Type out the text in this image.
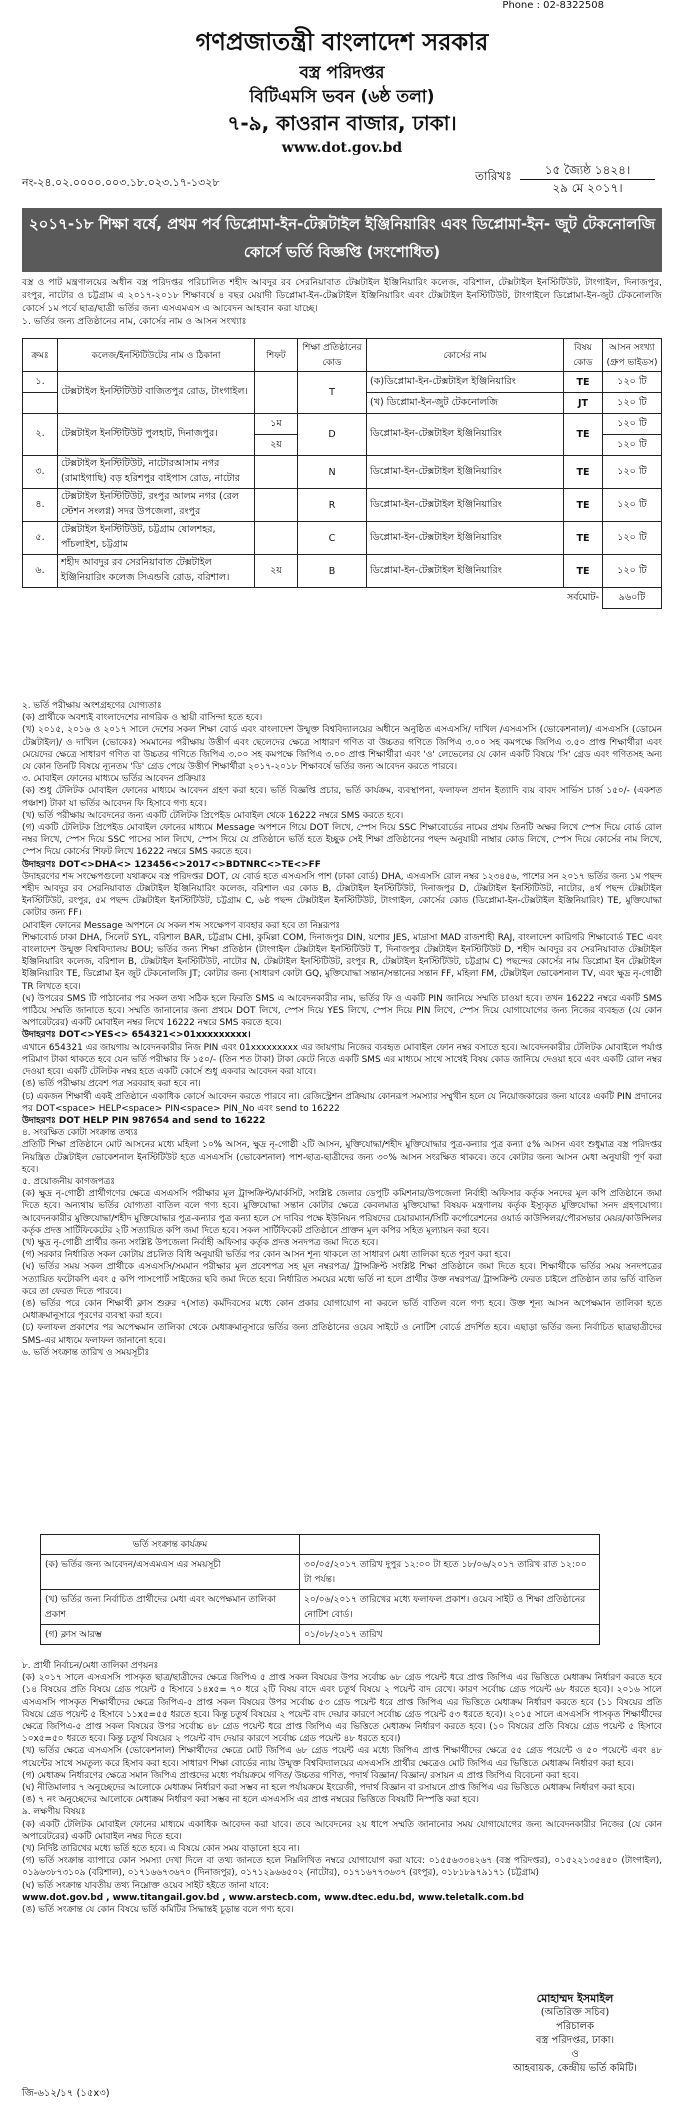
Phone : 02-8322508
গণপ্রজাতন্ত্রী বাংলাদেশ সরকার
বস্ত্র পরিদপ্তর
বিটিএমসি ভবন (৬ষ্ঠ তলা)
৭-৯, কাওরান বাজার, ঢাকা।
www.dot.gov.bd
নং-২৪.০২.০০০০.০০৩.১৮.০২৩.১৭-১৩২৮	তারিখঃ	১৫ জ্যৈষ্ঠ ১৪২৪।
২৯ মে ২০১৭।
২০১৭-১৮ শিক্ষা বর্ষে, প্রথম পর্ব ডিপ্লোমা-ইন-টেক্সটাইল ইঞ্জিনিয়ারিং এবং ডিপ্লোমা-ইন- জুট টেকনোলজি কোর্সে ভর্তি বিজ্ঞপ্তি (সংশোধিত)
বস্ত্র ও পাট মন্ত্রণালয়ের অধীন বস্ত্র পরিদপ্তর পরিচালিত শহীদ আবদুর রব সেরনিয়াবাত টেক্সটাইল ইঞ্জিনিয়ারিং কলেজ, বরিশাল, টেক্সটাইল ইনস্টিটিউট, টাংগাইল, দিনাজপুর, রংপুর, নাটোর ও চট্টগ্রাম এ ২০১৭-২০১৮ শিক্ষাবর্ষে ৪ বছর মেয়াদী ডিপ্লোমা-ইন-টেক্সটাইল ইঞ্জিনিয়ারিং এবং টেক্সটাইল ইনস্টিটিউট, টাংগাইলে ডিপ্লোমা-ইন-জুট টেকনোলজি কোর্সে ১ম পর্বে ছাত্র/ছাত্রী ভর্তির জন্য এসএমএস এ আবেদন আহবান করা যাচ্ছে।
১. ভর্তির জন্য প্রতিষ্ঠানের নাম, কোর্সের নাম ও আসন সংখ্যাঃ
ক্রমঃ	কলেজ/ইনস্টিটিউটের নাম ও ঠিকানা	শিফট	শিক্ষা প্রতিষ্ঠানের কোড	কোর্সের নাম	বিষয় কোড	আসন সংখ্যা (গ্রুপ ভাইডস)
১.	টেক্সটাইল ইনস্টিটিউট বাজিতপুর রোড, টাংগাইল।		T	(ক)ডিপ্লোমা-ইন-টেক্সটাইল ইঞ্জিনিয়ারিং	TE	১২০ টি
				(খ) ডিপ্লোমা-ইন-জুট টেকনোলজি	JT	১২০ টি
২.	টেক্সটাইল ইনস্টিটিউট পুলহাট, দিনাজপুর।	১ম	D	ডিপ্লোমা-ইন-টেক্সটাইল ইঞ্জিনিয়ারিং	TE	১২০ টি
		২য়				১২০ টি
৩.	টেক্সটাইল ইনস্টিটিউট, নাটোরআসাম নগর (রামাইগাছি) বড় হরিশপুর বাইপাস রোড, নাটোর		N	ডিপ্লোমা-ইন-টেক্সটাইল ইঞ্জিনিয়ারিং	TE	১২০ টি
৪.	টেক্সটাইল ইনস্টিটিউট, রংপুর আলম নগর (রেল স্টেশন সংলগ্ন) সদর উপজেলা, রংপুর		R	ডিপ্লোমা-ইন-টেক্সটাইল ইঞ্জিনিয়ারিং	TE	১২০ টি
৫.	টেক্সটাইল ইনস্টিটিউট, চট্টগ্রাম ষোলশহর, পাঁচলাইশ, চট্টগ্রাম		C	ডিপ্লোমা-ইন-টেক্সটাইল ইঞ্জিনিয়ারিং	TE	১২০ টি
৬.	শহীদ আবদুর রব সেরনিয়াবাত টেক্সটাইল ইঞ্জিনিয়ারিং কলেজ সিএন্ডবি রোড, বরিশাল।	২য়	B	ডিপ্লোমা-ইন-টেক্সটাইল ইঞ্জিনিয়ারিং	TE	১২০ টি
সর্বমোট-						৯৬০টি

২. ভর্তি পরীক্ষায় অংশগ্রহণের যোগ্যতাঃ

(ক) প্রার্থীকে অবশ্যই বাংলাদেশের নাগরিক ও স্থায়ী বাসিন্দা হতে হবে।

(খ) ২০১৫, ২০১৬ ও ২০১৭ সালে দেশের সকল শিক্ষা বোর্ড এবং বাংলাদেশ উন্মুক্ত বিশ্ববিদ্যালয়ের অধীনে অনুষ্ঠিত এসএসসি/ দাখিল /এসএসসি (ভোকেশনাল)/ এসএসসি (ডোমেন টেক্সটাইল)/ ও দাখিল (ভোকেঃ) সমমানের পরীক্ষায় উত্তীর্ণ এবং ছেলেদের ক্ষেত্রে সাধারণ গণিত বা উচ্চতর গণিতে জিপিএ ৩.০০ সহ কমপক্ষে জিপিএ ৩.৫০ প্রাপ্ত শিক্ষার্থীরা এবং মেয়েদের ক্ষেত্রে সাধারণ গণিত বা উচ্চতর গণিতে জিপিএ ৩.০০ সহ কমপক্ষে জিপিএ ৩.০০ প্রাপ্ত শিক্ষার্থীরা এবং 'ও' লেভেলের যে কোন একটি বিষয়ে 'সি' গ্রেড এবং গণিতসহ অন্য যে কোন তিনটি বিষয়ে ন্যূনতম 'ডি' গ্রেড পেয়ে উত্তীর্ণ শিক্ষার্থীরা ২০১৭-২০১৮ শিক্ষাবর্ষে ভর্তির জন্য আবেদন করতে পারবে।

৩. মোবাইল ফোনের মাধ্যমে ভর্তির আবেদন প্রক্রিয়াঃ

(ক) শুধু টেলিটক মোবাইল ফোনের মাধ্যমে আবেদন গ্রহণ করা হবে। ভর্তি বিজ্ঞপ্তি প্রচার, ভর্তি কার্যক্রম, ব্যবস্থাপনা, ফলাফল প্রদান ইত্যাদি ব্যয় বাবদ সার্ভিস চার্জ ১৫০/- (একশত পঞ্চাশ) টাকা যা ভর্তির আবেদন ফি হিসাবে গণ্য হবে।

(খ) ভর্তি পরীক্ষায় আবেদনের জন্য একটি টেলিটক প্রিপেইড মোবাইল থেকে 16222 নম্বরে SMS করতে হবে।

(গ) একটি টেলিটক প্রিপেইড মোবাইল ফোনের মাধ্যমে Message অপশনে গিয়ে DOT লিখে, স্পেস দিয়ে SSC শিক্ষাবোর্ডের নামের প্রথম তিনটি অক্ষর লিখে স্পেস দিয়ে বোর্ড রোল নম্বর লিখে, স্পেস দিয়ে SSC পাসের সাল লিখে, স্পেস দিয়ে যে প্রতিষ্ঠানে ভর্তি হতে ইচ্ছুক সেই শিক্ষা প্রতিষ্ঠানের পছন্দ অনুযায়ী নাম্বার কোড লিখে, স্পেস দিয়ে কোর্সের নাম লিখে, স্পেস দিয়ে কোর্সের শিফট লিখে 16222 নম্বরে SMS করতে হবে।

উদাহরণঃ DOT<>DHA<> 123456<>2017<>BDTNRC<>TE<>FF

উদাহরণের শব্দ সংক্ষেপগুলো যথাক্রমে বস্ত্র পরিদপ্তর DOT, যে বোর্ড হতে এসএসসি পাশ (ঢাকা বোর্ড) DHA, এসএসসি রোল নম্বর ১২৩৪৫৬, পাশের সন ২০১৭ ভর্তির জন্য ১ম পছন্দ শহীদ আবদুর রব সেরনিয়াবাত টেক্সটাইল ইঞ্জিনিয়ারিং কলেজ, বরিশাল এর কোড B, টেক্সটাইল ইনস্টিটিউট, দিনাজপুর D, টেক্সটাইল ইনস্টিটিউট, নাটোর, ৪র্থ পছন্দ টেক্সটাইল ইনস্টিটিউট, রংপুর, ৫ম পছন্দ টেক্সটাইল ইনস্টিটিউট, চট্টগ্রাম C, ৬ষ্ঠ পছন্দ টেক্সটাইল ইনস্টিটিউট, টাংগাইল, কোর্সের কোড (ডিপ্লোমা-ইন-টেক্সটাইল ইঞ্জিনিয়ারিং) TE, মুক্তিযোদ্ধা কোটার জন্য FF।

মোবাইল ফোনের Message অপশনে যে সকল শব্দ সংক্ষেপণ ব্যবহার করা হবে তা নিম্নরূপঃ

শিক্ষাবোর্ড ঢাকা DHA, সিলেট SYL, বরিশাল BAR, চট্টগ্রাম CHI, কুমিল্লা COM, দিনাজপুর DIN, যশোর JES, মাদ্রাসা MAD রাজশাহী RAJ, বাংলাদেশ কারিগরি শিক্ষাবোর্ড TEC এবং বাংলাদেশ উন্মুক্ত বিশ্ববিদ্যালয় BOU; ভর্তির জন্য শিক্ষা প্রতিষ্ঠান (টাংগাইল টেক্সটাইল ইনস্টিটিউট T, দিনাজপুর টেক্সটাইল ইনস্টিটিউট D, শহীদ আবদুর রব সেরনিয়াবাত টেক্সটাইল ইঞ্জিনিয়ারিং কলেজ, বরিশাল B, টেক্সটাইল ইনস্টিটিউট, নাটোর N, টেক্সটাইল ইনস্টিটিউট, রংপুর R, টেক্সটাইল ইনস্টিটিউট, চট্টগ্রাম C) পছন্দের কোর্সের নাম ডিপ্লোমা ইন টেক্সটাইল ইঞ্জিনিয়ারিং TE, ডিপ্লোমা ইন জুট টেকনোলজি JT; কোটার জন্য (সাধারণ কোটা GQ, মুক্তিযোদ্ধা সন্তান/সন্তানের সন্তান FF, মহিলা FM, টেক্সটাইল ভোকেশনাল TV, এবং ক্ষুদ্র নৃ-গোষ্ঠী TR লিখতে হবে।

(ঘ) উপরের SMS টি পাঠানোর পর সকল তথ্য সঠিক হলে ফিরতি SMS এ আবেদনকারীর নাম, ভর্তির ফি ও একটি PIN জানিয়ে সম্মতি চাওয়া হবে। তখন 16222 নম্বরে একটি SMS পাঠিয়ে সম্মতি জানাতে হবে। সম্মতি জানানোর জন্য প্রথমে DOT লিখে, স্পেস দিয়ে YES লিখে, স্পেস দিয়ে PIN লিখে, স্পেস দিয়ে যোগাযোগের জন্য নিজের ব্যবহৃত (যে কোন অপারেটরের) একটি মোবাইল নম্বর লিখে 16222 নম্বরে SMS করতে হবে।

উদাহরণঃ DOT<>YES<> 654321<>01xxxxxxxxx।

এখানে 654321 এর জায়গায় আবেদনকারীর নিজ PIN এবং 01xxxxxxxxx এর জায়গায় নিজের ব্যবহৃত মোবাইল ফোন নম্বর বসাতে হবে। আবেদনকারীর টেলিটক মোবাইলে পর্যাপ্ত পরিমাণ টাকা থাকতে হবে যেন ভর্তি পরীক্ষার ফি ১৫০/- (তিন শত টাকা) টাকা কেটে নিতে একটি SMS এর মাধ্যমে সাথে সাথেই বিষয় কোড জানিয়ে দেওয়া হবে এবং একটি রোল নম্বর দেওয়া হবে। একটি টেলিটক নম্বর হতে একটি কোর্সে শুধু একবার আবেদন করা যাবে।

(ঙ) ভর্তি পরীক্ষায় প্রবেশ পত্র সরবরাহ করা হবে না।

(চ) একজন শিক্ষার্থী একই প্রতিষ্ঠানে একাধিক কোর্সে আবেদন করতে পারবে না। রেজিস্ট্রেশন প্রক্রিয়ায় কোনরূপ সমস্যার সম্মুখীন হলে যে নিয়োজকারের জন্য যাবেঃ একটি PIN প্রদানের পর DOT<space> HELP<space> PIN<space> PIN_No এবং send to 16222

উদাহরণঃ DOT HELP PIN 987654 and send to 16222

৪. সংরক্ষিত কোটা সংক্রান্ত তথ্যঃ

প্রতিটি শিক্ষা প্রতিষ্ঠানে মোট আসনের মধ্যে মহিলা ১০% আসন, ক্ষুদ্র নৃ-গোষ্ঠী ২টি আসন, মুক্তিযোদ্ধা/শহীদ মুক্তিযোদ্ধার পুত্র-কন্যার পুত্র কন্যা ৫% আসন এবং শুধুমাত্র বস্ত্র পরিদপ্তর নিয়ন্ত্রিত টেক্সটাইল ভোকেশনাল ইনস্টিটিউট হতে এসএসসি (ভোকেশনাল) পাশ-ছাত্র-ছাত্রীদের জন্য ৩০% আসন সংরক্ষিত থাকবে। তবে কোটার জন্য আসন মেধা অনুযায়ী পূর্ণ করা হবে।

৫. প্রয়োজনীয় কাগজপত্রঃ

(ক) ক্ষুদ্র নৃ-গোষ্ঠী প্রার্থীগণের ক্ষেত্রে এসএসসি পরীক্ষার মূল ট্রান্সক্রিপ্ট/মার্কসিট, সংশ্লিষ্ট জেলার ডেপুটি কমিশনার/উপজেলা নির্বাহী অফিসার কর্তৃক সনদের মূল কপি প্রতিষ্ঠানে জমা দিতে হবে। অন্যথায় ভর্তির যোগ্যতা বাতিল বলে গণ্য হবে। মুক্তিযোদ্ধা সন্তান কোটার ক্ষেত্রে কেবলমাত্র মুক্তিযোদ্ধা বিষয়ক মন্ত্রণালয় কর্তৃক ইস্যুকৃত মুক্তিযোদ্ধা সনদ গ্রহণযোগ্য। আবেদনকারীর মুক্তিযোদ্ধা/শহীদ মুক্তিযোদ্ধার পুত্র-কন্যার পুত্র কন্যা হলে সে দাবির পক্ষে ইউনিয়ন পরিষদের চেয়ারম্যান/সিটি কর্পোরেশনের ওয়ার্ড কাউন্সিলর/পৌরসভার মেয়র/কাউন্সিলর কর্তৃক প্রদত্ত সার্টিফিকেটের ২টি সত্যায়িত কপি জমা দিতে হবে। সকল সার্টিফিকেট প্রতিষ্ঠানে প্রাক্তন মূল কপির সহিত মূল্যায়ন করা হবে।

(খ) ক্ষুদ্র নৃ-গোষ্ঠী প্রার্থীর জন্য সংশ্লিষ্ট উপজেলা নির্বাহী অফিসার কর্তৃক প্রদত্ত সনদপত্র জমা দিতে হবে।

(গ) সরকার নির্ধারিত সকল কোটায় প্রচলিত বিধি অনুযায়ী ভর্তির পর কোন আসন শূন্য থাকলে তা সাধারণ মেধা তালিকা হতে পূরণ করা হবে।

(ঘ) ভর্তির সময় সকল প্রার্থীকে এসএসসি/সমমান পরীক্ষার মূল প্রবেশপত্র সহ মূল নম্বরপত্র/ ট্রান্সক্রিপ্ট সংশ্লিষ্ট শিক্ষা প্রতিষ্ঠানে জমা দিতে হবে। শিক্ষার্থীকে ভর্তির সময় সনদপত্রের সত্যায়িত ফটোকপি এবং ৫ কপি পাসপোর্ট সাইজের ছবি জমা দিতে হবে। নির্ধারিত সময়ের মধ্যে ভর্তি না হলে প্রার্থীর উক্ত নম্বরপত্র/ ট্রান্সক্রিপ্ট ফেরত চাইলে প্রতিষ্ঠান তার ভর্তি বাতিল করে তা ফেরত দিতে পারবে।

(ঙ) ভর্তির পরে কোন শিক্ষার্থী ক্লাস শুরুর ৭(সাত) কর্মদিবসের মধ্যে কোন প্রকার যোগাযোগ না করলে ভর্তি বাতিল বলে গণ্য হবে। উক্ত শূন্য আসন অপেক্ষমান তালিকা হতে মেধাক্রমানুসারে পূরণের ব্যবস্থা করা হবে।

(চ) ফলাফল প্রকাশের পর অপেক্ষমান তালিকা থেকে মেধাক্রমানুসারে ভর্তির জন্য প্রতিষ্ঠানের ওয়েব সাইটে ও নোটিশ বোর্ডে প্রদর্শিত হবে। এছাড়া ভর্তির জন্য নির্বাচিত ছাত্রছাত্রীদের SMS-এর মাধ্যমে ফলাফল জানানো হবে।

৬. ভর্তি সংক্রান্ত তারিখ ও সময়সূচীঃ

ভর্তি সংক্রান্ত কার্যক্রম	
(ক) ভর্তির জন্য আবেদন/এসএমএস এর সময়সূচী	৩০/০৫/২০১৭ তারিখ দুপুর ১২:০০ টা হতে ১৮/০৬/২০১৭ তারিখ রাত ১২:০০ টা পর্যন্ত।
(খ) ভর্তির জন্য নির্বাচিত প্রার্থীদের মেধা এবং অপেক্ষমান তালিকা প্রকাশ	২০/০৬/২০১৭ তারিখের মধ্যে ফলাফল প্রকাশ। ওয়েব সাইট ও শিক্ষা প্রতিষ্ঠানের নোটিশ বোর্ড।
(গ) ক্লাস আরম্ভ	০১/০৮/২০১৭ তারিখ

৮. প্রার্থী নির্বাচন/মেধা তালিকা প্রণয়নঃ

(ক) ২০১৭ সালে এসএসসি পাসকৃত ছাত্র/ছাত্রীদের ক্ষেত্রে জিপিএ ৫ প্রাপ্ত সকল বিষয়ের উপর সর্বোচ্চ ৬৮ গ্রেড পয়েন্ট ধরে প্রাপ্ত জিপিএ এর ভিত্তিতে মেধাক্রম নির্ধারণ করতে হবে (১৪ বিষয়ের প্রতি বিষয়ে গ্রেড পয়েন্ট ৫ হিসাবে ১৪x৫= ৭০ ধরে ২টি বিষয় বাদে এবং চতুর্থ বিষয়ে ২ পয়েন্ট বাদ রেখে। কারণ সর্বোচ্চ গ্রেড পয়েন্ট ৬৮ ধরতে হবে)। ২০১৬ সালে এসএসসি পাসকৃত শিক্ষার্থীদের ক্ষেত্রে জিপিএ-৫ প্রাপ্ত সকল বিষয়ের উপর সর্বোচ্চ ৫৩ গ্রেড পয়েন্ট ধরে প্রাপ্ত জিপিএ এর ভিত্তিতে মেধাক্রম নির্ধারণ করতে হবে (১১ বিষয়ের প্রতি বিষয়ে গ্রেড পয়েন্ট ৫ হিসাবে ১১x৫=৫৫ ধরতে হবে। কিন্তু চতুর্থ বিষয়ের ২ পয়েন্ট বাদ দেয়ার কারণে সর্বোচ্চ গ্রেড পয়েন্ট ৫৩ ধরতে হবে)। ২০১৫ সালে এসএসসি পাসকৃত শিক্ষার্থীদের ক্ষেত্রে জিপিএ-৫ প্রাপ্ত সকল বিষয়ের উপর সর্বোচ্চ ৪৮ গ্রেড পয়েন্ট ধরে প্রাপ্ত জিপিএ এর ভিত্তিতে মেধাক্রম নির্ধারণ করতে হবে। (১০ বিষয়ের প্রতি বিষয়ে গ্রেড পয়েন্ট ৫ হিসাবে ১০x৫=৫০ ধরতে হবে। কিন্তু চতুর্থ বিষয়ের ২ পয়েন্ট বাদ দেয়ার কারণে সর্বোচ্চ গ্রেড পয়েন্ট ৪৮ ধরতে হবে।)

(খ) ভর্তির ক্ষেত্রে এসএসসি (ভোকেশনাল) শিক্ষার্থীদের ক্ষেত্রে মোট জিপিএ ৬৮ গ্রেড পয়েন্ট এর মধ্যে জিপিএ প্রাপ্ত শিক্ষার্থীদের ক্ষেত্রে ৫৫ গ্রেড পয়েন্টে ও ৫০ পয়েন্টে এবং ৪৮ পয়েন্টের সাথে সমতুল্য করে হিসাব করা হবে। সাধারণ শিক্ষা বোর্ডের ন্যায় উন্মুক্ত বিশ্ববিদ্যালয়ের এসএসসি প্রার্থীর ক্ষেত্রেও মোট জিপিএ এর ভিত্তিতে মেধাক্রম নির্ধারণ করা হবে।

(গ) মেধাক্রম নির্ধারণের ক্ষেত্রে সমান জিপিএ প্রাপ্তদের মধ্যে পর্যায়ক্রমে গণিত/ উচ্চতর গণিত, পদার্থ বিজ্ঞান/ বিজ্ঞান/ রসায়ন এ প্রাপ্ত জিপিএ বিবেচনা করা হবে।

(ঘ) নীতিমালার ৭ অনুচ্ছেদের আলোকে মেধাক্রম নির্ধারণ করা সম্ভব না হলে পর্যায়ক্রমে ইংরেজী, পদার্থ বিজ্ঞান বা রসায়নে প্রাপ্ত জিপিএ এর ভিত্তিতে মেধাক্রম নির্ধারণ করা হবে।

(ঙ) ৭ নং অনুচ্ছেদের আলোকে মেধাক্রম নির্ধারণ করা সম্ভব না হলে এসএসসি এর প্রাপ্ত নম্বরের ভিত্তিতে বিষয়টি নিস্পত্তি করা হবে।

৯. লক্ষণীয় বিষয়ঃ

(ক) একটি টেলিটক মোবাইল ফোনের মাধ্যমে একাধিক আবেদন করা যাবে। তবে আবেদনের ২য় ধাপে সম্মতি জানানোর সময় যোগাযোগের জন্য আবেদনকারীর নিজের (যে কোন অপারেটরের) একটি মোবাইল নম্বর দিতে হবে।

(খ) নির্দিষ্ট তারিখের মধ্যে ভর্তি হতে হবে। এ বিষয়ে কোন সময় বাড়ানো হবে না।

(গ) ভর্তি সংক্রান্ত ব্যাপারে কোন সমস্যা দেখা দিলে বা তথ্য জানতে হলে নিম্নলিখিত নম্বরে যোগাযোগ করা যাবে: ০১৫৫৬৩৩৪২৬৭ (বস্ত্র পরিদপ্তর), ০১৫২২১৩৫৪৫০ (টাংগাইল), ০১৯৬৩৮৭৩১০৯ (বরিশাল), ০১৭১৬৬৭৩৬৭০ (দিনাজপুর), ০১৭১২৯৬৬৫০২ (নাটোর), ০১৭১৬৭৭৩৬৩৭ (রংপুর), ০১৮১৮৯৭৯১৭১ (চট্টগ্রাম)

(ঘ) ভর্তি সংক্রান্ত যাবতীয় তথ্য নিম্নোক্ত ওয়েব সাইট হইতে জানা যাবে:

www.dot.gov.bd , www.titangail.gov.bd , www.arstecb.com, www.dtec.edu.bd, www.teletalk.com.bd

(ঙ) ভর্তি সংক্রান্ত যে কোন বিষয়ে ভর্তি কমিটির সিদ্ধান্তই চূড়ান্ত বলে গণ্য হবে।

মোহাম্মদ ইসমাইল
(অতিরিক্ত সচিব)
পরিচালক
বস্ত্র পরিদপ্তর, ঢাকা।
ও
আহবায়ক, কেন্দ্রীয় ভর্তি কমিটি।
জি-৬১২/১৭ (১৫x৩)
